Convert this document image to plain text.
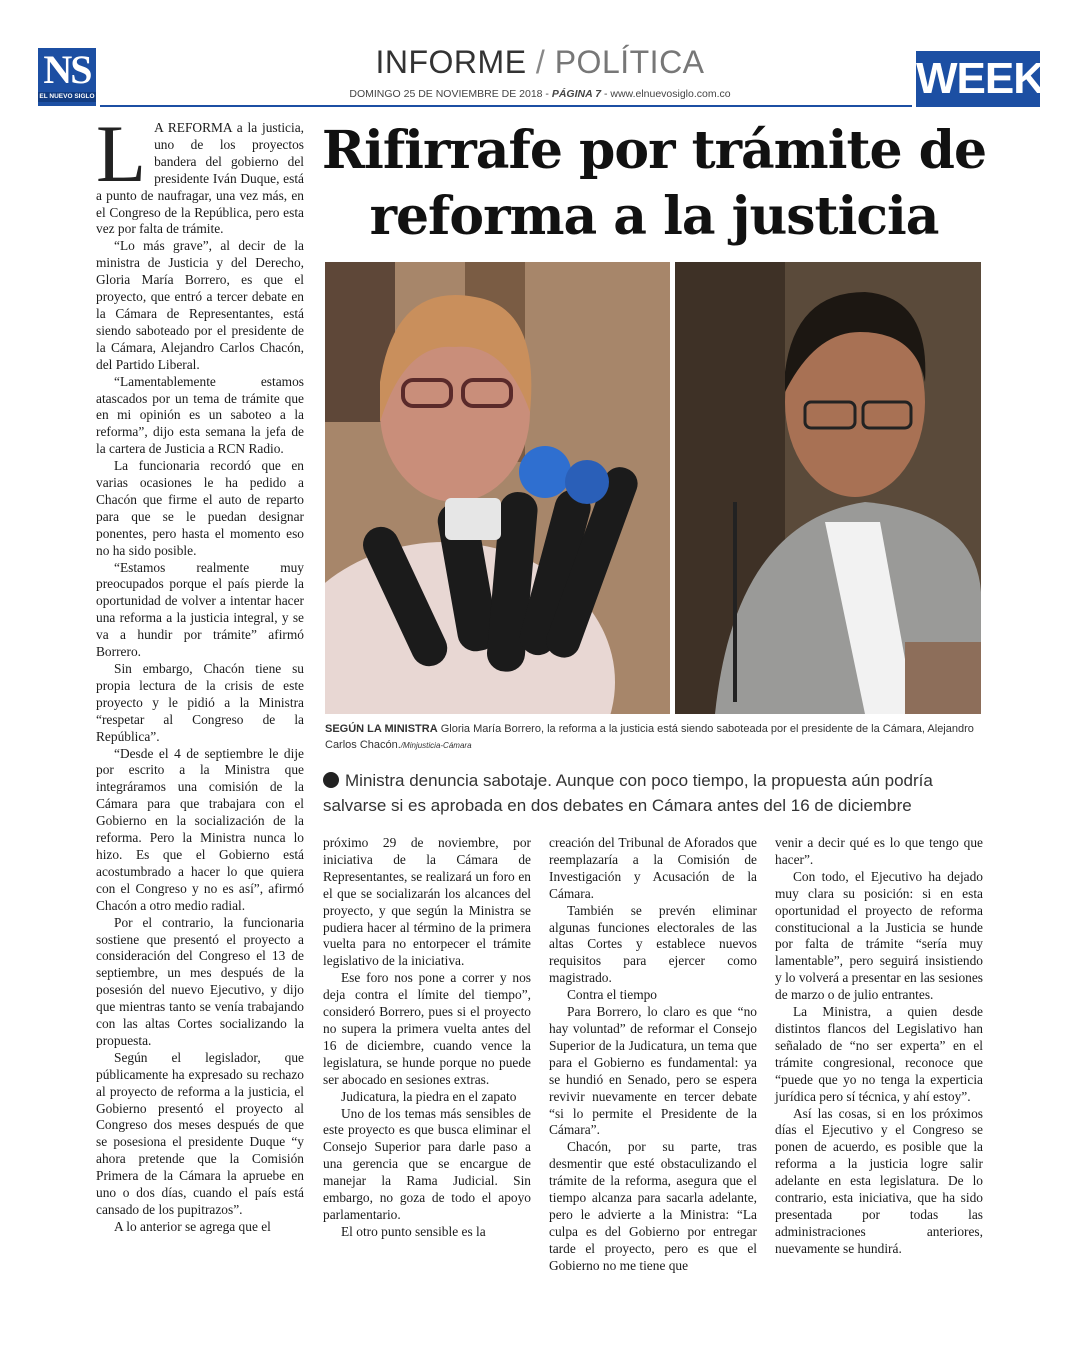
NS
EL NUEVO SIGLO
INFORME / POLÍTICA
DOMINGO 25 DE NOVIEMBRE DE 2018 - PÁGINA 7 - www.elnuevosiglo.com.co	WEEK
Rifirrafe por trámite de
reforma a la justicia
SEGÚN LA MINISTRA Gloria María Borrero, la reforma a la justicia está siendo saboteada por el presidente de la Cámara, Alejandro Carlos Chacón./Minjusticia-Cámara
Ministra denuncia sabotaje. Aunque con poco tiempo, la propuesta aún podría salvarse si es aprobada en dos debates en Cámara antes del 16 de diciembre
L A REFORMA a la justicia, uno de los proyectos bandera del gobierno del presidente Iván Duque, está a punto de naufragar, una vez más, en el Congreso de la República, pero esta vez por falta de trámite.

“Lo más grave”, al decir de la ministra de Justicia y del Derecho, Gloria María Borrero, es que el proyecto, que entró a tercer debate en la Cámara de Representantes, está siendo saboteado por el presidente de la Cámara, Alejandro Carlos Chacón, del Partido Liberal.

“Lamentablemente estamos atascados por un tema de trámite que en mi opinión es un saboteo a la reforma”, dijo esta semana la jefa de la cartera de Justicia a RCN Radio.

La funcionaria recordó que en varias ocasiones le ha pedido a Chacón que firme el auto de reparto para que se le puedan designar ponentes, pero hasta el momento eso no ha sido posible.

“Estamos realmente muy preocupados porque el país pierde la oportunidad de volver a intentar hacer una reforma a la justicia integral, y se va a hundir por trámite” afirmó Borrero.

Sin embargo, Chacón tiene su propia lectura de la crisis de este proyecto y le pidió a la Ministra “respetar al Congreso de la República”.

“Desde el 4 de septiembre le dije por escrito a la Ministra que integráramos una comisión de la Cámara para que trabajara con el Gobierno en la socialización de la reforma. Pero la Ministra nunca lo hizo. Es que el Gobierno está acostumbrado a hacer lo que quiera con el Congreso y no es así”, afirmó Chacón a otro medio radial.

Por el contrario, la funcionaria sostiene que presentó el proyecto a consideración del Congreso el 13 de septiembre, un mes después de la posesión del nuevo Ejecutivo, y dijo que mientras tanto se venía trabajando con las altas Cortes socializando la propuesta.

Según el legislador, que públicamente ha expresado su rechazo al proyecto de reforma a la justicia, el Gobierno presentó el proyecto al Congreso dos meses después de que se posesiona el presidente Duque “y ahora pretende que la Comisión Primera de la Cámara la apruebe en uno o dos días, cuando el país está cansado de los pupitrazos”.

A lo anterior se agrega que el

próximo 29 de noviembre, por iniciativa de la Cámara de Representantes, se realizará un foro en el que se socializarán los alcances del proyecto, y que según la Ministra se pudiera hacer al término de la primera vuelta para no entorpecer el trámite legislativo de la iniciativa.

Ese foro nos pone a correr y nos deja contra el límite del tiempo”, consideró Borrero, pues si el proyecto no supera la primera vuelta antes del 16 de diciembre, cuando vence la legislatura, se hunde porque no puede ser abocado en sesiones extras.

Judicatura, la piedra en el zapato

Uno de los temas más sensibles de este proyecto es que busca eliminar el Consejo Superior para darle paso a una gerencia que se encargue de manejar la Rama Judicial. Sin embargo, no goza de todo el apoyo parlamentario.

El otro punto sensible es la

creación del Tribunal de Aforados que reemplazaría a la Comisión de Investigación y Acusación de la Cámara.

También se prevén eliminar algunas funciones electorales de las altas Cortes y establece nuevos requisitos para ejercer como magistrado.

Contra el tiempo

Para Borrero, lo claro es que “no hay voluntad” de reformar el Consejo Superior de la Judicatura, un tema que para el Gobierno es fundamental: ya se hundió en Senado, pero se espera revivir nuevamente en tercer debate “si lo permite el Presidente de la Cámara”.

Chacón, por su parte, tras desmentir que esté obstaculizando el trámite de la reforma, asegura que el tiempo alcanza para sacarla adelante, pero le advierte a la Ministra: “La culpa es del Gobierno por entregar tarde el proyecto, pero es que el Gobierno no me tiene que

venir a decir qué es lo que tengo que hacer”.

Con todo, el Ejecutivo ha dejado muy clara su posición: si en esta oportunidad el proyecto de reforma constitucional a la Justicia se hunde por falta de trámite “sería muy lamentable”, pero seguirá insistiendo y lo volverá a presentar en las sesiones de marzo o de julio entrantes.

La Ministra, a quien desde distintos flancos del Legislativo han señalado de “no ser experta” en el trámite congresional, reconoce que “puede que yo no tenga la experticia jurídica pero sí técnica, y ahí estoy”.

Así las cosas, si en los próximos días el Ejecutivo y el Congreso se ponen de acuerdo, es posible que la reforma a la justicia logre salir adelante en esta legislatura. De lo contrario, esta iniciativa, que ha sido presentada por todas las administraciones anteriores, nuevamente se hundirá.
